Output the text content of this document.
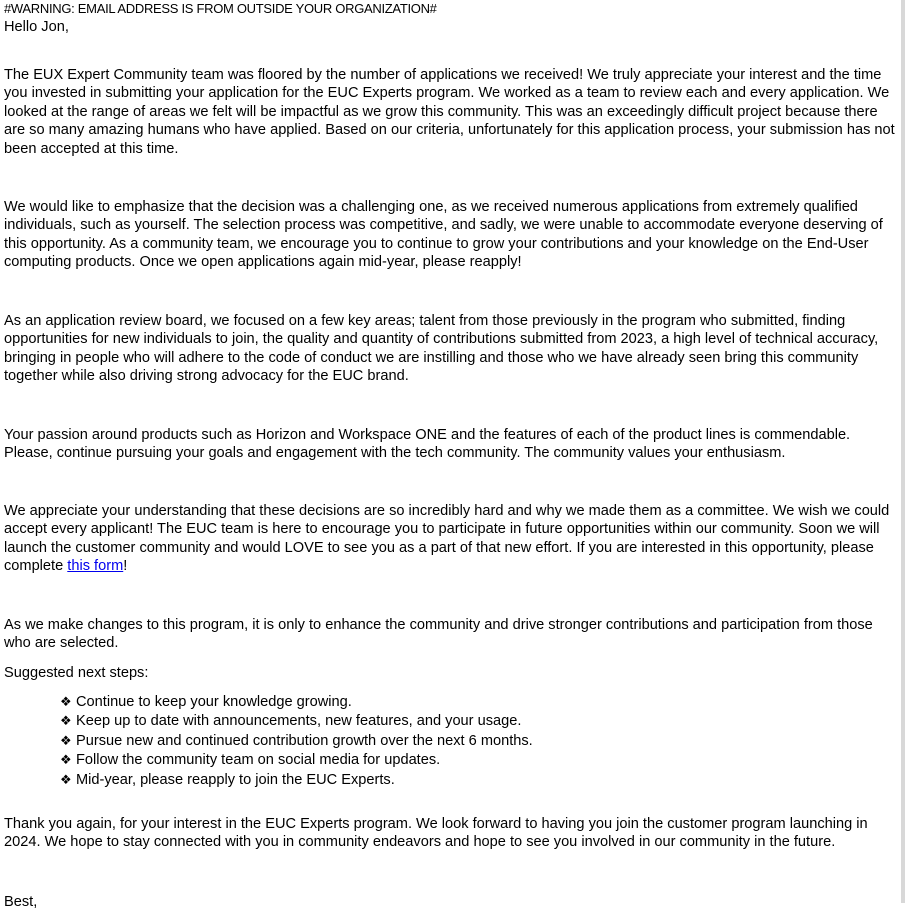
#WARNING: EMAIL ADDRESS IS FROM OUTSIDE YOUR ORGANIZATION#

Hello Jon,

The EUX Expert Community team was floored by the number of applications we received! We truly appreciate your interest and the time you invested in submitting your application for the EUC Experts program. We worked as a team to review each and every application. We looked at the range of areas we felt will be impactful as we grow this community. This was an exceedingly difficult project because there are so many amazing humans who have applied. Based on our criteria, unfortunately for this application process, your submission has not been accepted at this time.

We would like to emphasize that the decision was a challenging one, as we received numerous applications from extremely qualified individuals, such as yourself. The selection process was competitive, and sadly, we were unable to accommodate everyone deserving of this opportunity. As a community team, we encourage you to continue to grow your contributions and your knowledge on the End-User computing products. Once we open applications again mid-year, please reapply!

As an application review board, we focused on a few key areas; talent from those previously in the program who submitted, finding opportunities for new individuals to join, the quality and quantity of contributions submitted from 2023, a high level of technical accuracy, bringing in people who will adhere to the code of conduct we are instilling and those who we have already seen bring this community together while also driving strong advocacy for the EUC brand.

Your passion around products such as Horizon and Workspace ONE and the features of each of the product lines is commendable. Please, continue pursuing your goals and engagement with the tech community. The community values your enthusiasm.

We appreciate your understanding that these decisions are so incredibly hard and why we made them as a committee. We wish we could accept every applicant! The EUC team is here to encourage you to participate in future opportunities within our community. Soon we will launch the customer community and would LOVE to see you as a part of that new effort. If you are interested in this opportunity, please complete this form!

As we make changes to this program, it is only to enhance the community and drive stronger contributions and participation from those who are selected.

Suggested next steps:

❖ Continue to keep your knowledge growing.
❖ Keep up to date with announcements, new features, and your usage.
❖ Pursue new and continued contribution growth over the next 6 months.
❖ Follow the community team on social media for updates.
❖ Mid-year, please reapply to join the EUC Experts.

Thank you again, for your interest in the EUC Experts program. We look forward to having you join the customer program launching in 2024. We hope to stay connected with you in community endeavors and hope to see you involved in our community in the future.

Best,
